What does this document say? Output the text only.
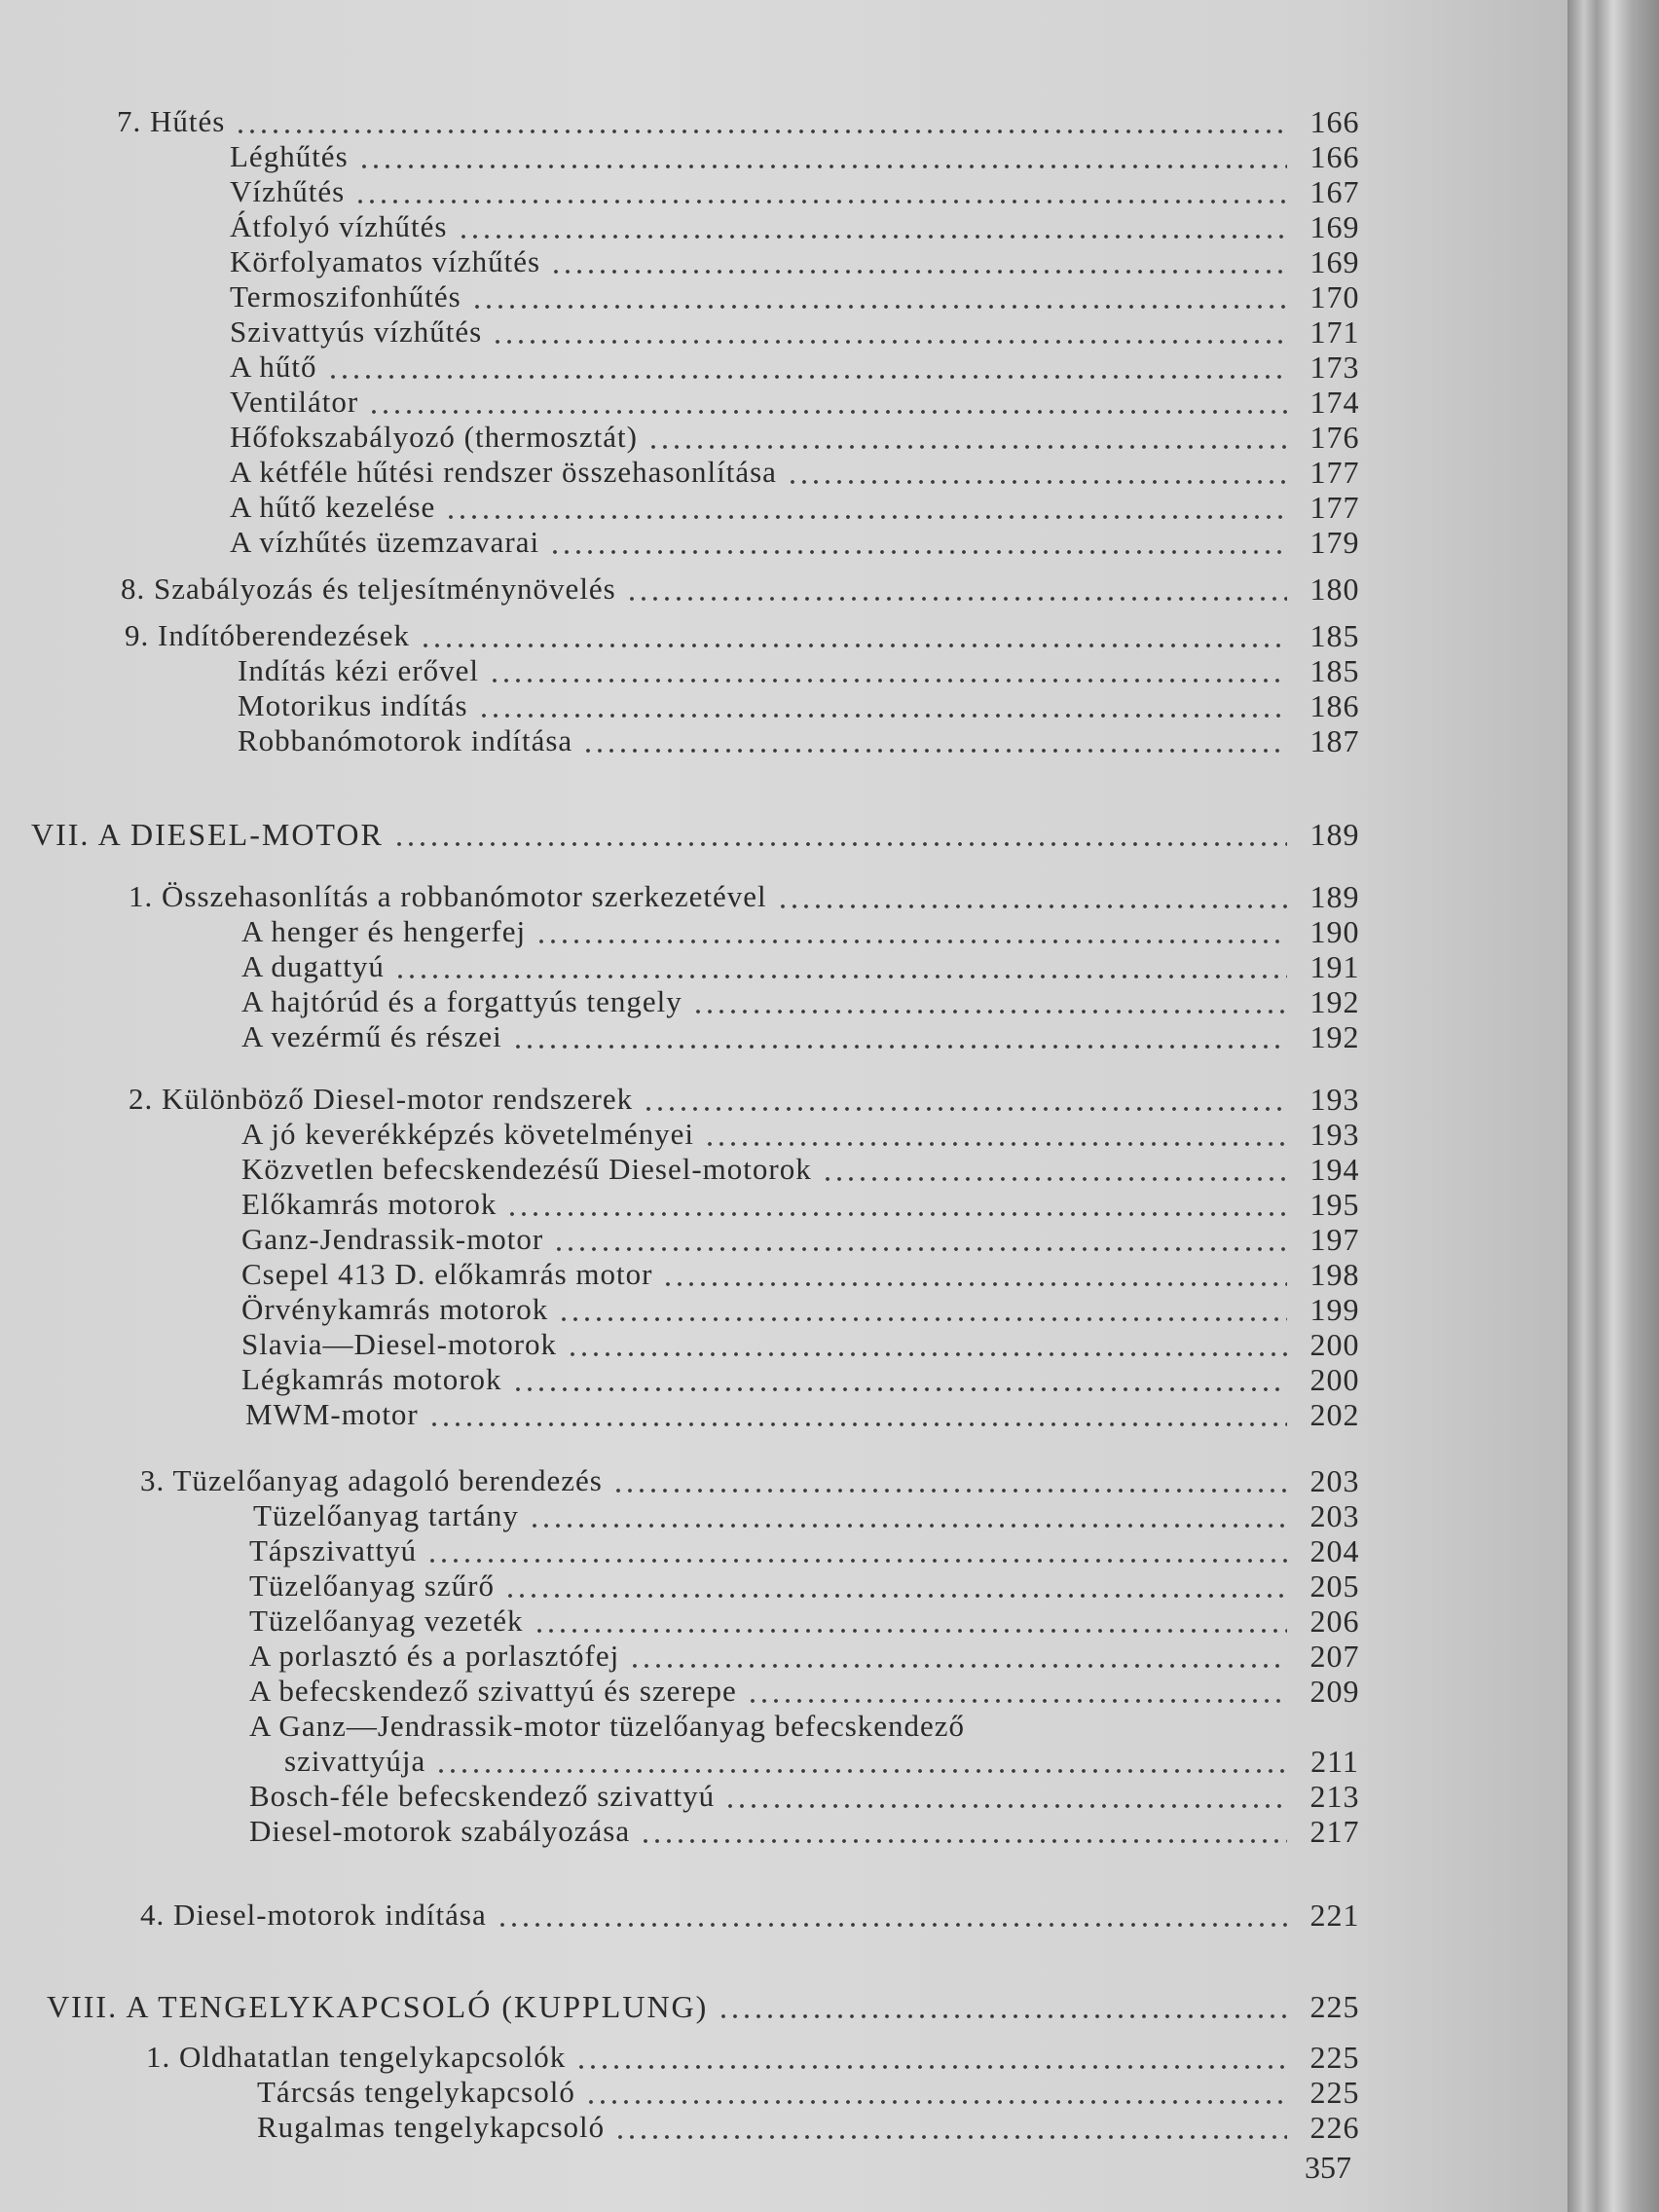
7. Hűtés	166
Léghűtés	166
Vízhűtés	167
Átfolyó vízhűtés	169
Körfolyamatos vízhűtés	169
Termoszifonhűtés	170
Szivattyús vízhűtés	171
A hűtő	173
Ventilátor	174
Hőfokszabályozó (thermosztát)	176
A kétféle hűtési rendszer összehasonlítása	177
A hűtő kezelése	177
A vízhűtés üzemzavarai	179
8. Szabályozás és teljesítménynövelés	180
9. Indítóberendezések	185
Indítás kézi erővel	185
Motorikus indítás	186
Robbanómotorok indítása	187
VII. A DIESEL-MOTOR	189
1. Összehasonlítás a robbanómotor szerkezetével	189
A henger és hengerfej	190
A dugattyú	191
A hajtórúd és a forgattyús tengely	192
A vezérmű és részei	192
2. Különböző Diesel-motor rendszerek	193
A jó keverékképzés követelményei	193
Közvetlen befecskendezésű Diesel-motorok	194
Előkamrás motorok	195
Ganz-Jendrassik-motor	197
Csepel 413 D. előkamrás motor	198
Örvénykamrás motorok	199
Slavia—Diesel-motorok	200
Légkamrás motorok	200
MWM-motor	202
3. Tüzelőanyag adagoló berendezés	203
Tüzelőanyag tartány	203
Tápszivattyú	204
Tüzelőanyag szűrő	205
Tüzelőanyag vezeték	206
A porlasztó és a porlasztófej	207
A befecskendező szivattyú és szerepe	209
A Ganz—Jendrassik-motor tüzelőanyag befecskendező
szivattyúja	211
Bosch-féle befecskendező szivattyú	213
Diesel-motorok szabályozása	217
4. Diesel-motorok indítása	221
VIII. A TENGELYKAPCSOLÓ (KUPPLUNG)	225
1. Oldhatatlan tengelykapcsolók	225
Tárcsás tengelykapcsoló	225
Rugalmas tengelykapcsoló	226
357
